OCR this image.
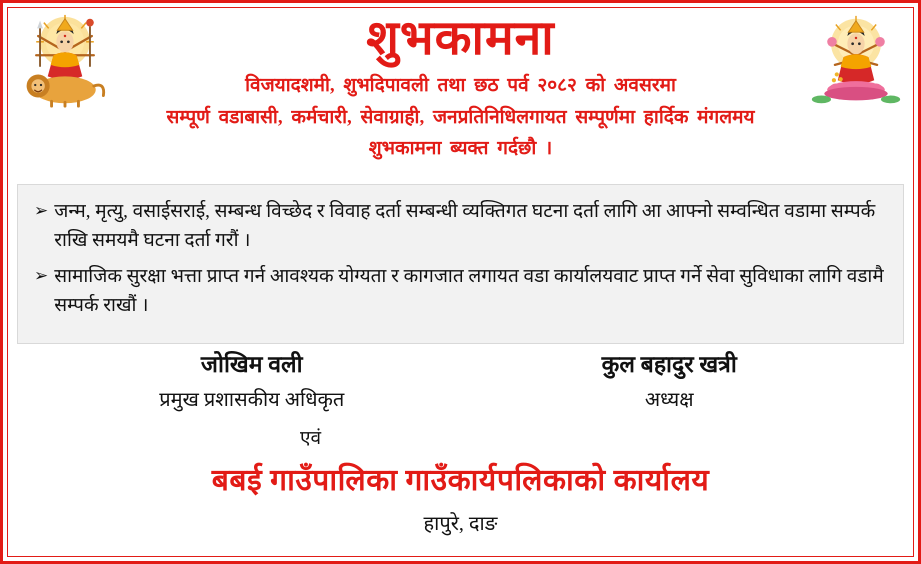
शुभकामना
विजयादशमी, शुभदिपावली तथा छठ पर्व २०८२ को अवसरमा
सम्पूर्ण वडाबासी, कर्मचारी, सेवाग्राही, जनप्रतिनिधिलगायत सम्पूर्णमा हार्दिक मंगलमय
शुभकामना ब्यक्त गर्दछौ ।
➢ जन्म, मृत्यु, वसाईसराई, सम्बन्ध विच्छेद र विवाह दर्ता सम्बन्धी व्यक्तिगत घटना दर्ता लागि आ आफ्नो सम्वन्धित वडामा सम्पर्क राखि समयमै घटना दर्ता गरौं ।
➢ सामाजिक सुरक्षा भत्ता प्राप्त गर्न आवश्यक योग्यता र कागजात लगायत वडा कार्यालयवाट प्राप्त गर्ने सेवा सुविधाका लागि वडामै सम्पर्क राखौं ।
जोखिम वली
प्रमुख प्रशासकीय अधिकृत
कुल बहादुर खत्री
अध्यक्ष
एवं
बबई गाउँपालिका गाउँकार्यपलिकाको कार्यालय
हापुरे, दाङ
